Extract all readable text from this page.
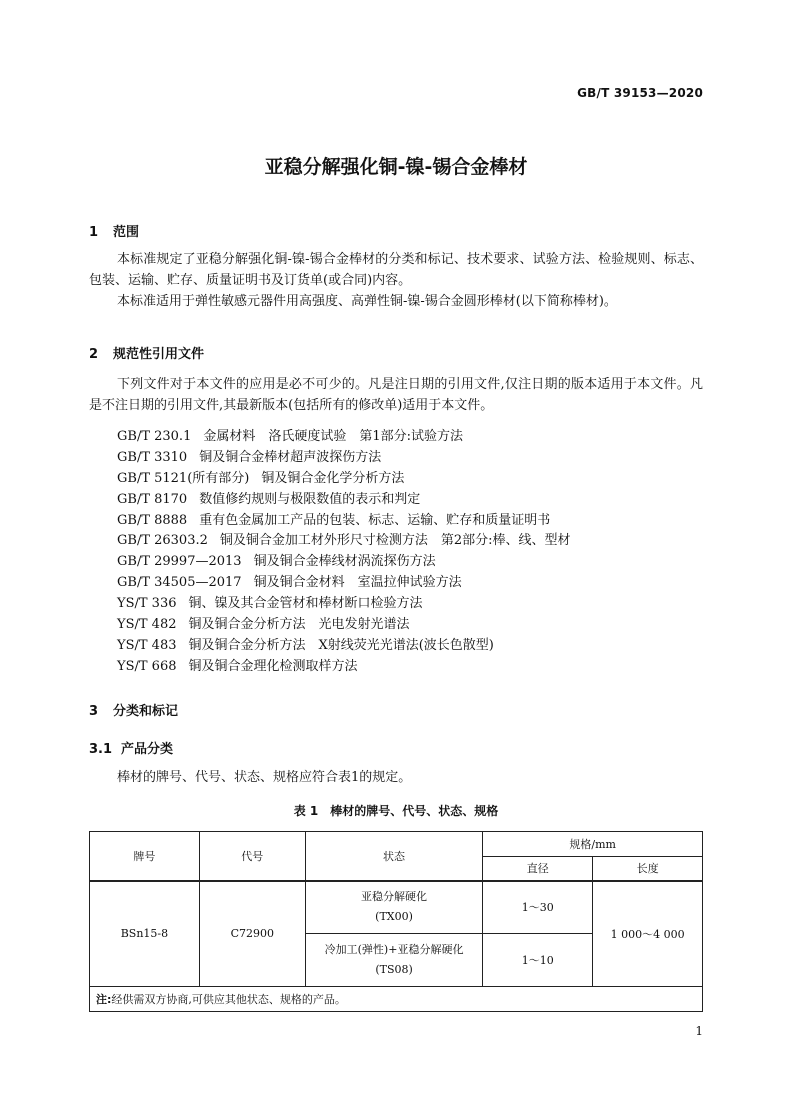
GB/T 39153—2020
亚稳分解强化铜-镍-锡合金棒材
1 范围

本标准规定了亚稳分解强化铜-镍-锡合金棒材的分类和标记、技术要求、试验方法、检验规则、标志、包装、运输、贮存、质量证明书及订货单(或合同)内容。

本标准适用于弹性敏感元器件用高强度、高弹性铜-镍-锡合金圆形棒材(以下简称棒材)。

2 规范性引用文件

下列文件对于本文件的应用是必不可少的。凡是注日期的引用文件,仅注日期的版本适用于本文件。凡是不注日期的引用文件,其最新版本(包括所有的修改单)适用于本文件。

GB/T 230.1 金属材料　洛氏硬度试验　第1部分:试验方法
GB/T 3310 铜及铜合金棒材超声波探伤方法
GB/T 5121(所有部分) 铜及铜合金化学分析方法
GB/T 8170 数值修约规则与极限数值的表示和判定
GB/T 8888 重有色金属加工产品的包装、标志、运输、贮存和质量证明书
GB/T 26303.2 铜及铜合金加工材外形尺寸检测方法　第2部分:棒、线、型材
GB/T 29997—2013 铜及铜合金棒线材涡流探伤方法
GB/T 34505—2017 铜及铜合金材料　室温拉伸试验方法
YS/T 336 铜、镍及其合金管材和棒材断口检验方法
YS/T 482 铜及铜合金分析方法　光电发射光谱法
YS/T 483 铜及铜合金分析方法　X射线荧光光谱法(波长色散型)
YS/T 668 铜及铜合金理化检测取样方法
3 分类和标记
3.1 产品分类

棒材的牌号、代号、状态、规格应符合表1的规定。

表 1　棒材的牌号、代号、状态、规格
牌号	代号	状态	规格/mm	
			直径	长度
BSn15-8	C72900	亚稳分解硬化
(TX00)	1～30	1 000～4 000

		冷加工(弹性)+亚稳分解硬化
(TS08)	1～10	
注:经供需双方协商,可供应其他状态、规格的产品。				
1
